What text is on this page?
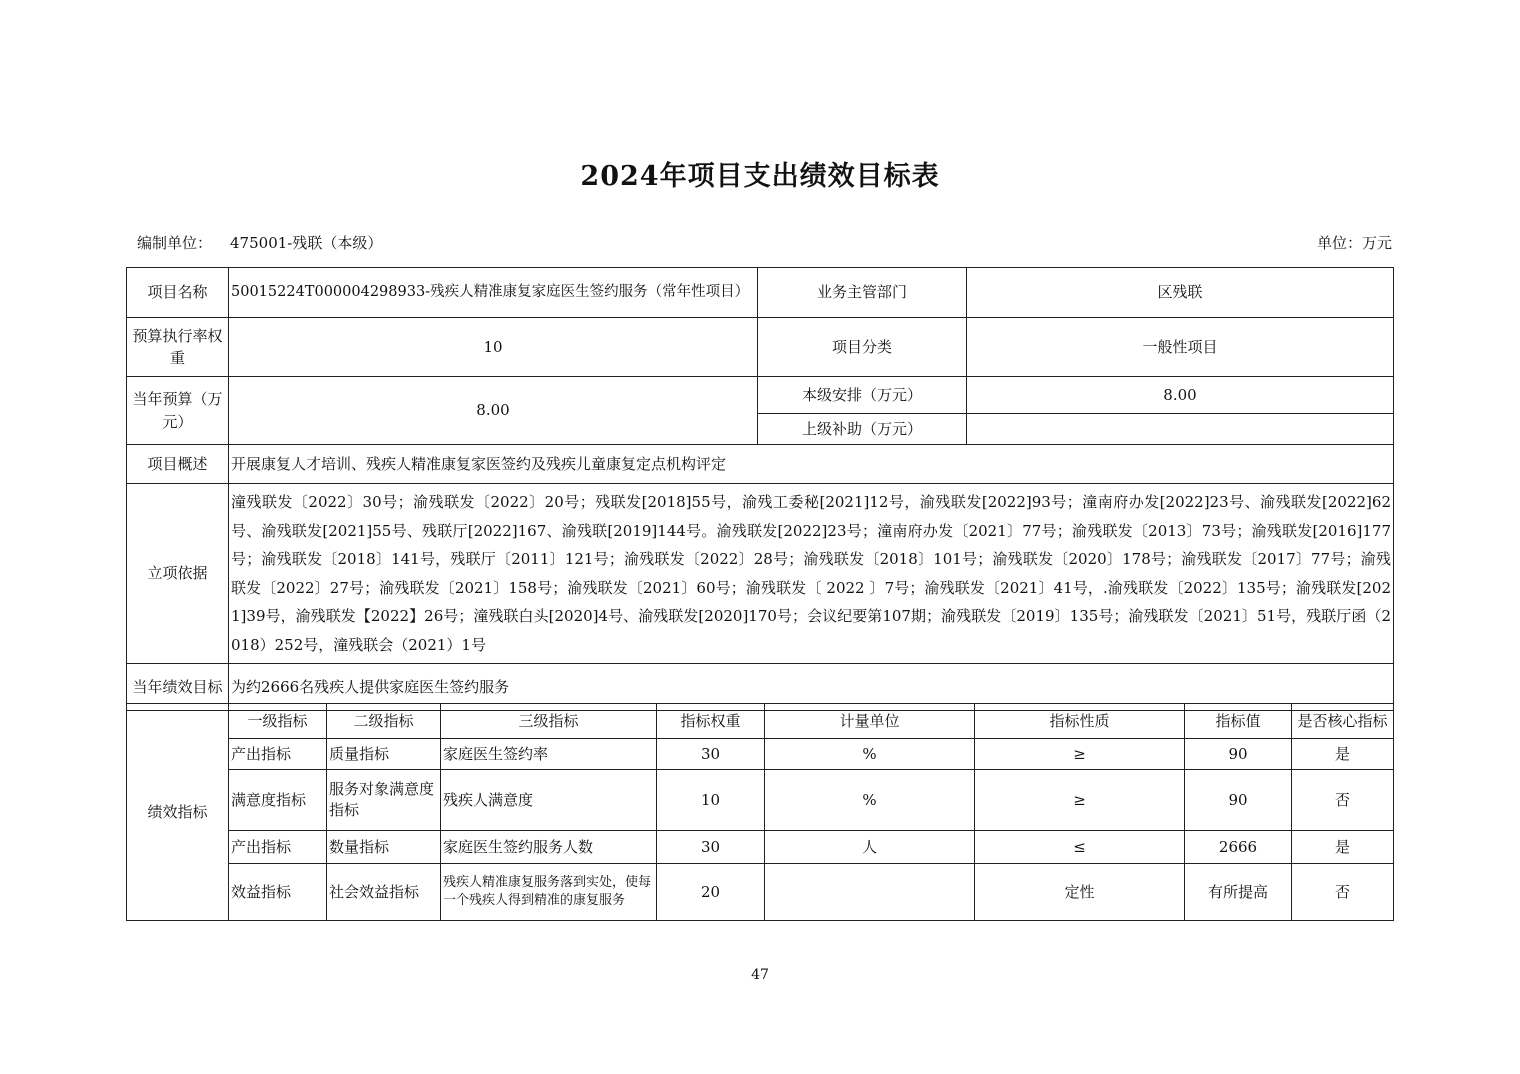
2024年项目支出绩效目标表
编制单位： 475001-残联（本级）	单位：万元
项目名称	50015224T000004298933-残疾人精准康复家庭医生签约服务（常年性项目）	业务主管部门	区残联
预算执行率权重	10	项目分类	一般性项目
当年预算（万元）	8.00	本级安排（万元）	8.00
		上级补助（万元）	
项目概述	开展康复人才培训、残疾人精准康复家医签约及残疾儿童康复定点机构评定		
立项依据	潼残联发〔2022〕30号；渝残联发〔2022〕20号；残联发[2018]55号，渝残工委秘[2021]12号，渝残联发[2022]93号；潼南府办发[2022]23号、渝残联发[2022]62号、渝残联发[2021]55号、残联厅[2022]167、渝残联[2019]144号。渝残联发[2022]23号；潼南府办发〔2021〕77号；渝残联发〔2013〕73号；渝残联发[2016]177号；渝残联发〔2018〕141号，残联厅〔2011〕121号；渝残联发〔2022〕28号；渝残联发〔2018〕101号；渝残联发〔2020〕178号；渝残联发〔2017〕77号；渝残联发〔2022〕27号；渝残联发〔2021〕158号；渝残联发〔2021〕60号；渝残联发〔 2022 〕7号；渝残联发〔2021〕41号，.渝残联发〔2022〕135号；渝残联发[2021]39号，渝残联发【2022】26号；潼残联白头[2020]4号、渝残联发[2020]170号；会议纪要第107期；渝残联发〔2019〕135号；渝残联发〔2021〕51号，残联厅函（2018）252号，潼残联会（2021）1号		
当年绩效目标	为约2666名残疾人提供家庭医生签约服务		
绩效指标	一级指标	二级指标	三级指标	指标权重	计量单位	指标性质	指标值	是否核心指标
	产出指标	质量指标	家庭医生签约率	30	%	≥	90	是
	满意度指标	服务对象满意度指标	残疾人满意度	10	%	≥	90	否
	产出指标	数量指标	家庭医生签约服务人数	30	人	≤	2666	是
	效益指标	社会效益指标	残疾人精准康复服务落到实处，使每一个残疾人得到精准的康复服务	20		定性	有所提高	否
47
